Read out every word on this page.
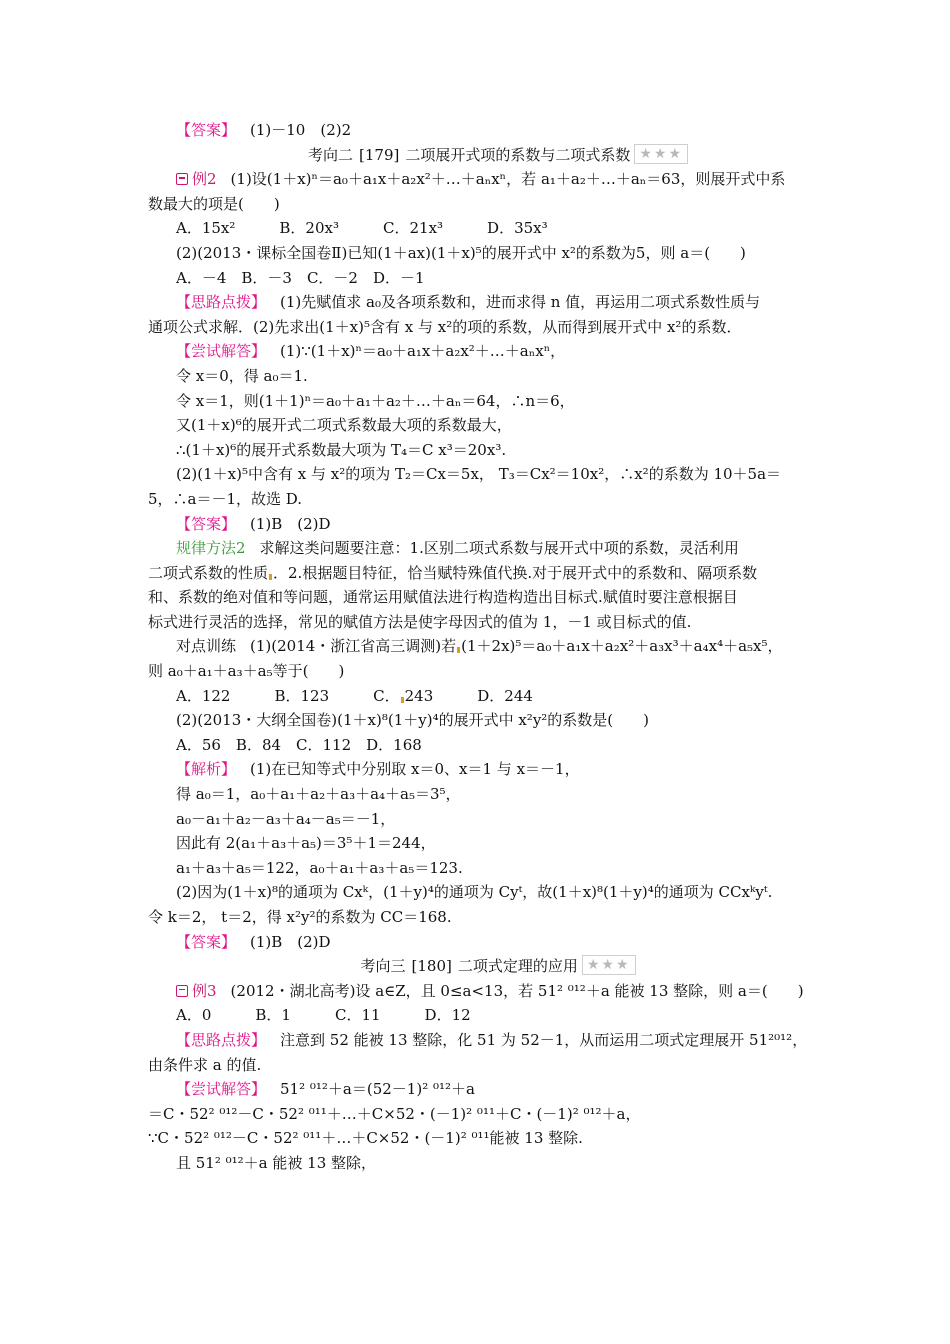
【答案】 (1)－10　(2)2
考向二 [179] 二项展开式项的系数与二项式系数 ★★★
例2 (1)设(1＋x)ⁿ＝a₀＋a₁x＋a₂x²＋…＋aₙxⁿ，若 a₁＋a₂＋…＋aₙ＝63，则展开式中系
数最大的项是(　　)
A．15x²	B．20x³	C．21x³	D．35x³
(2)(2013・课标全国卷Ⅱ)已知(1＋ax)(1＋x)⁵的展开式中 x²的系数为5，则 a＝(　　)
A．－4　B．－3　C．－2　D．－1
【思路点拨】 (1)先赋值求 a₀及各项系数和，进而求得 n 值，再运用二项式系数性质与
通项公式求解．(2)先求出(1＋x)⁵含有 x 与 x²的项的系数，从而得到展开式中 x²的系数．
【尝试解答】 (1)∵(1＋x)ⁿ＝a₀＋a₁x＋a₂x²＋…＋aₙxⁿ，
令 x＝0，得 a₀＝1.
令 x＝1，则(1＋1)ⁿ＝a₀＋a₁＋a₂＋…＋aₙ＝64，∴n＝6，
又(1＋x)⁶的展开式二项式系数最大项的系数最大，
∴(1＋x)⁶的展开式系数最大项为 T₄＝C x³＝20x³.
(2)(1＋x)⁵中含有 x 与 x²的项为 T₂＝Cx＝5x， T₃＝Cx²＝10x²，∴x²的系数为 10＋5a＝
5，∴a＝－1，故选 D.
【答案】 (1)B　(2)D
规律方法2 求解这类问题要注意：1.区别二项式系数与展开式中项的系数，灵活利用
二项式系数的性质 ．2.根据题目特征，恰当赋特殊值代换.对于展开式中的系数和、隔项系数
和、系数的绝对值和等问题，通常运用赋值法进行构造构造出目标式.赋值时要注意根据目
标式进行灵活的选择，常见的赋值方法是使字母因式的值为 1，－1 或目标式的值.
对点训练 (1)(2014・浙江省高三调测)若 (1＋2x)⁵＝a₀＋a₁x＋a₂x²＋a₃x³＋a₄x⁴＋a₅x⁵，
则 a₀＋a₁＋a₃＋a₅等于(　　)
A．122	B．123	C． 243	D．244
(2)(2013・大纲全国卷)(1＋x)⁸(1＋y)⁴的展开式中 x²y²的系数是(　　)
A．56　B．84　C．112　D．168
【解析】 (1)在已知等式中分别取 x＝0、x＝1 与 x＝－1，
得 a₀＝1，a₀＋a₁＋a₂＋a₃＋a₄＋a₅＝3⁵，
a₀－a₁＋a₂－a₃＋a₄－a₅＝－1，
因此有 2(a₁＋a₃＋a₅)＝3⁵＋1＝244，
a₁＋a₃＋a₅＝122，a₀＋a₁＋a₃＋a₅＝123.
(2)因为(1＋x)⁸的通项为 Cxᵏ，(1＋y)⁴的通项为 Cyᵗ，故(1＋x)⁸(1＋y)⁴的通项为 CCxᵏyᵗ.
令 k＝2， t＝2，得 x²y²的系数为 CC＝168.
【答案】 (1)B　(2)D
考向三 [180] 二项式定理的应用 ★★★
例3 (2012・湖北高考)设 a∈Z，且 0≤a<13，若 51² ⁰¹²＋a 能被 13 整除，则 a＝(　　)
A．0	B．1	C．11	D．12
【思路点拨】 注意到 52 能被 13 整除，化 51 为 52－1，从而运用二项式定理展开 51²⁰¹²，
由条件求 a 的值.
【尝试解答】 51² ⁰¹²＋a＝(52－1)² ⁰¹²＋a
＝C・52² ⁰¹²－C・52² ⁰¹¹＋…＋C×52・(－1)² ⁰¹¹＋C・(－1)² ⁰¹²＋a，
∵C・52² ⁰¹²－C・52² ⁰¹¹＋…＋C×52・(－1)² ⁰¹¹能被 13 整除.
且 51² ⁰¹²＋a 能被 13 整除，
